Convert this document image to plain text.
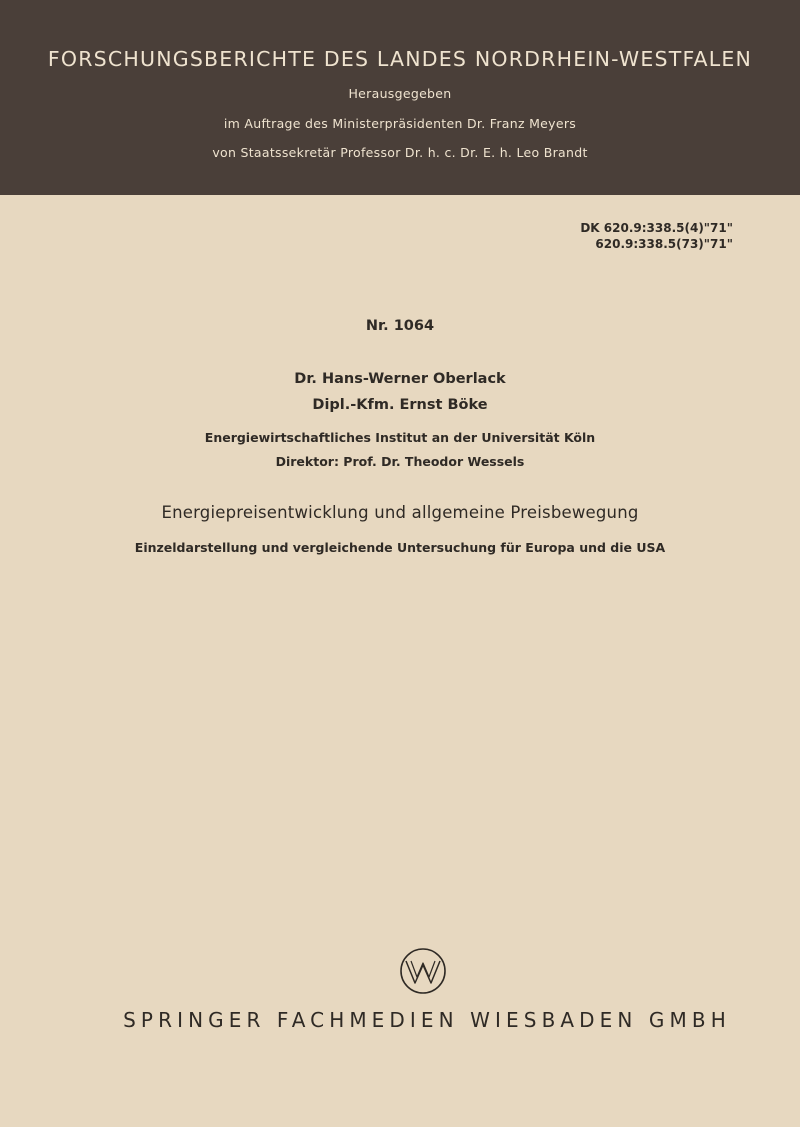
FORSCHUNGSBERICHTE DES LANDES NORDRHEIN-WESTFALEN
Herausgegeben
im Auftrage des Ministerpräsidenten Dr. Franz Meyers
von Staatssekretär Professor Dr. h. c. Dr. E. h. Leo Brandt
DK 620.9:338.5(4)"71"
620.9:338.5(73)"71"
Nr. 1064
Dr. Hans-Werner Oberlack
Dipl.-Kfm. Ernst Böke
Energiewirtschaftliches Institut an der Universität Köln
Direktor: Prof. Dr. Theodor Wessels
Energiepreisentwicklung und allgemeine Preisbewegung
Einzeldarstellung und vergleichende Untersuchung für Europa und die USA
SPRINGER FACHMEDIEN WIESBADEN GMBH
